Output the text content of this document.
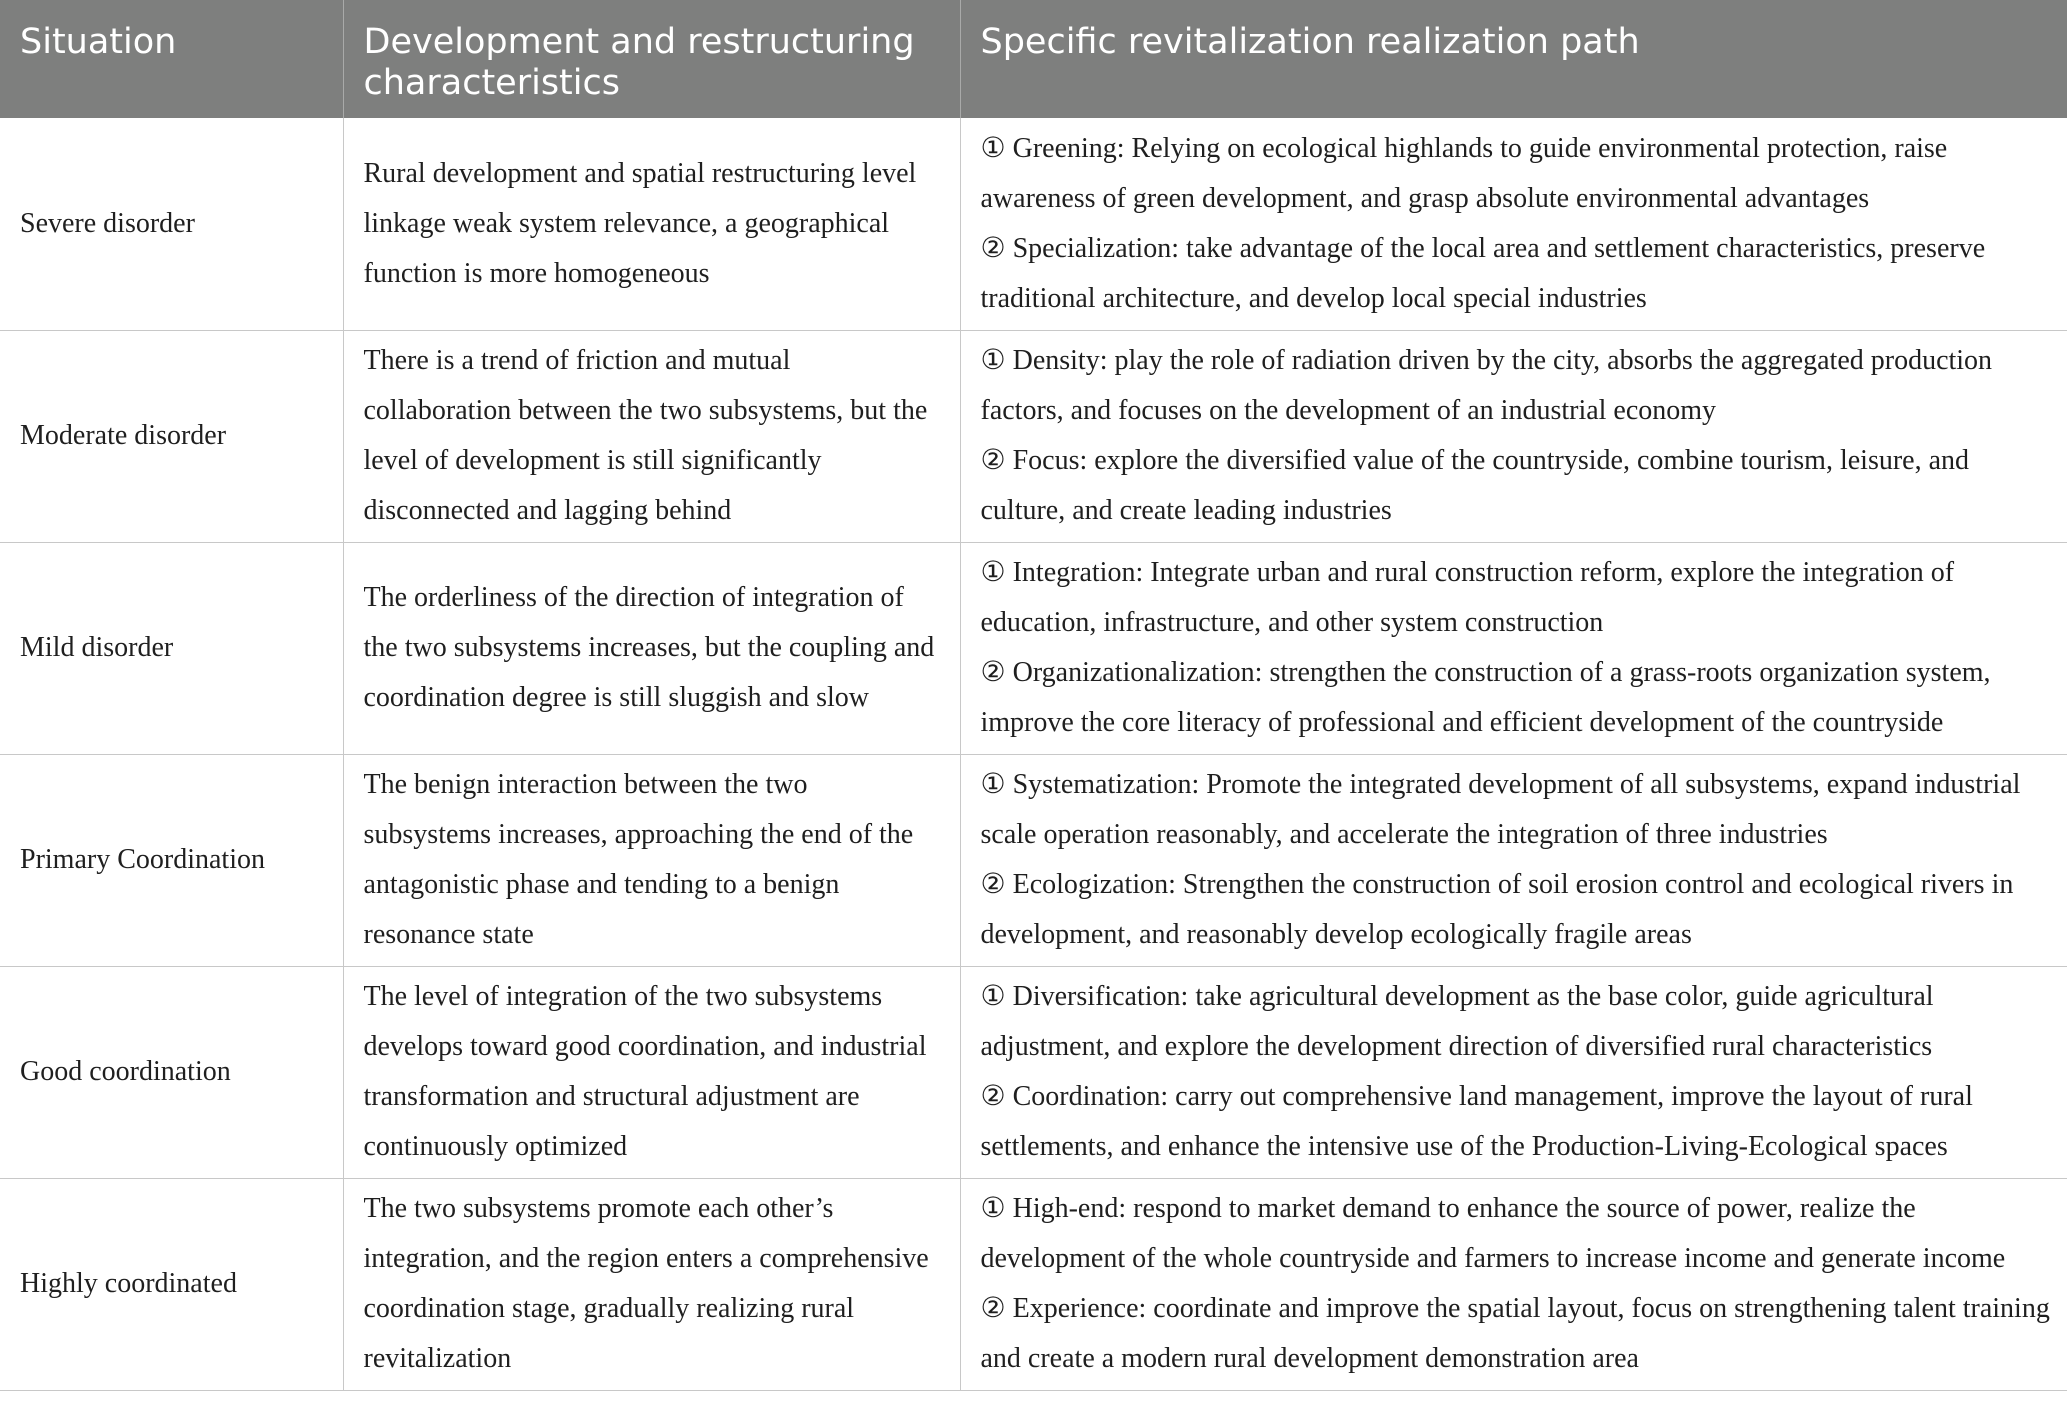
Situation	Development and restructuring characteristics	Specific revitalization realization path
Severe disorder	Rural development and spatial restructuring level linkage weak system relevance, a geographical function is more homogeneous	① Greening: Relying on ecological highlands to guide environmental protection, raise awareness of green development, and grasp absolute environmental advantages
② Specialization: take advantage of the local area and settlement characteristics, preserve traditional architecture, and develop local special industries

Moderate disorder	There is a trend of friction and mutual collaboration between the two subsystems, but the level of development is still significantly disconnected and lagging behind	① Density: play the role of radiation driven by the city, absorbs the aggregated production factors, and focuses on the development of an industrial economy
② Focus: explore the diversified value of the countryside, combine tourism, leisure, and culture, and create leading industries

Mild disorder	The orderliness of the direction of integration of the two subsystems increases, but the coupling and coordination degree is still sluggish and slow	① Integration: Integrate urban and rural construction reform, explore the integration of education, infrastructure, and other system construction
② Organizationalization: strengthen the construction of a grass-roots organization system, improve the core literacy of professional and efficient development of the countryside

Primary Coordination	The benign interaction between the two subsystems increases, approaching the end of the antagonistic phase and tending to a benign resonance state	① Systematization: Promote the integrated development of all subsystems, expand industrial scale operation reasonably, and accelerate the integration of three industries
② Ecologization: Strengthen the construction of soil erosion control and ecological rivers in development, and reasonably develop ecologically fragile areas

Good coordination	The level of integration of the two subsystems develops toward good coordination, and industrial transformation and structural adjustment are continuously optimized	① Diversification: take agricultural development as the base color, guide agricultural adjustment, and explore the development direction of diversified rural characteristics
② Coordination: carry out comprehensive land management, improve the layout of rural settlements, and enhance the intensive use of the Production-Living-Ecological spaces

Highly coordinated	The two subsystems promote each other’s integration, and the region enters a comprehensive coordination stage, gradually realizing rural revitalization	① High-end: respond to market demand to enhance the source of power, realize the development of the whole countryside and farmers to increase income and generate income
② Experience: coordinate and improve the spatial layout, focus on strengthening talent training and create a modern rural development demonstration area
